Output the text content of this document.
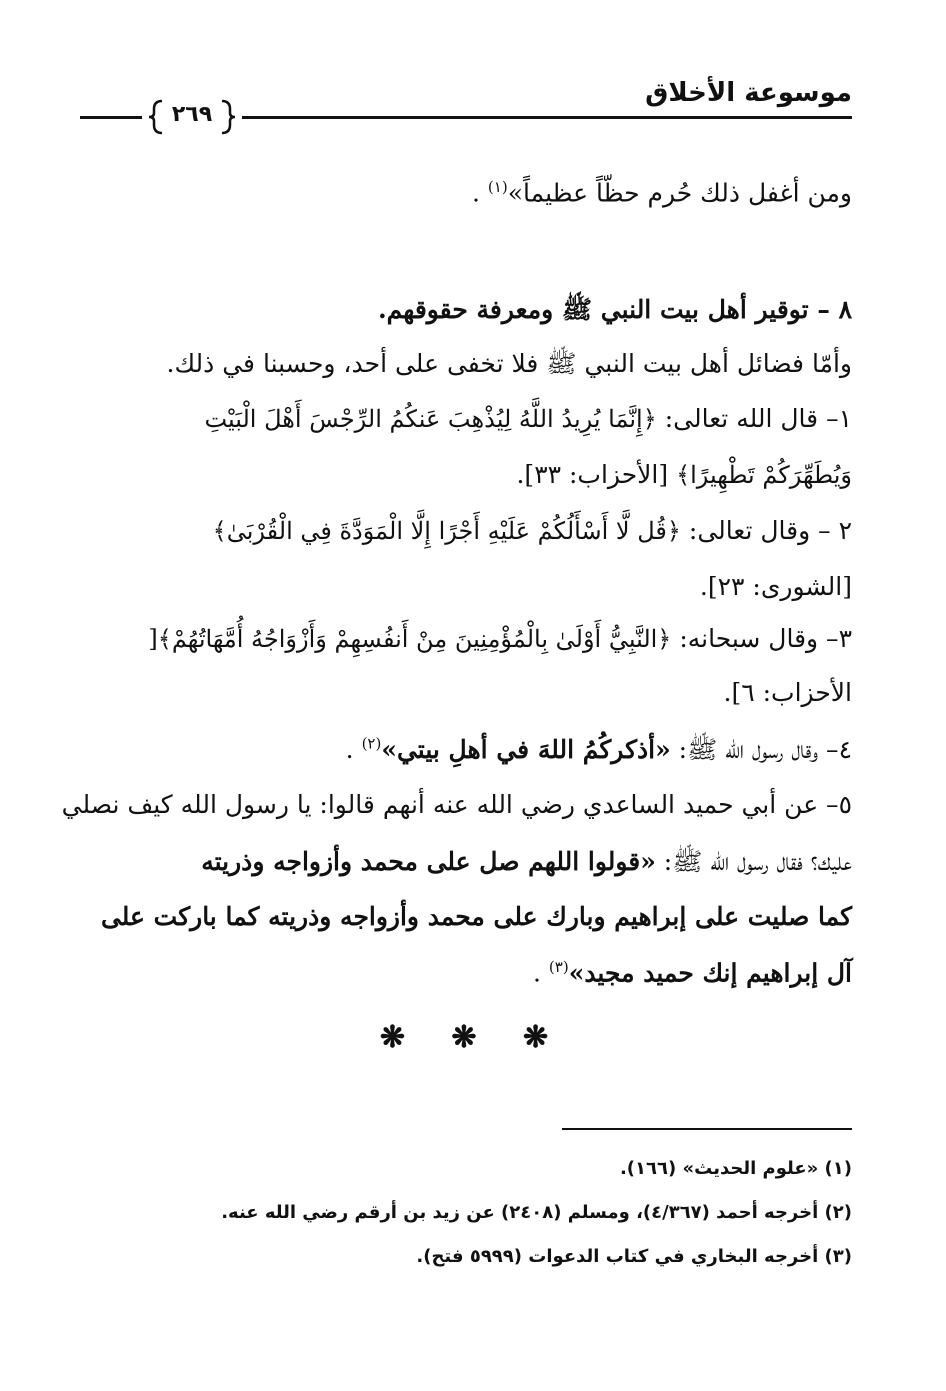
موسوعة الأخلاق
٢٦٩
ومن أغفل ذلك حُرم حظّاً عظيماً»$^{(١)}$ .
٨ – توقير أهل بيت النبي ﷺ ومعرفة حقوقهم.
وأمّا فضائل أهل بيت النبي ﷺ فلا تخفى على أحد، وحسبنا في ذلك.
١– قال الله تعالى: ﴿إِنَّمَا يُرِيدُ اللَّهُ لِيُذْهِبَ عَنكُمُ الرِّجْسَ أَهْلَ الْبَيْتِ
وَيُطَهِّرَكُمْ تَطْهِيرًا﴾ [الأحزاب: ٣٣].
٢ – وقال تعالى: ﴿قُل لَّا أَسْأَلُكُمْ عَلَيْهِ أَجْرًا إِلَّا الْمَوَدَّةَ فِي الْقُرْبَىٰ﴾
[الشورى: ٢٣].
٣– وقال سبحانه: ﴿النَّبِيُّ أَوْلَىٰ بِالْمُؤْمِنِينَ مِنْ أَنفُسِهِمْ وَأَزْوَاجُهُ أُمَّهَاتُهُمْ﴾[
الأحزاب: ٦].
٤– وقال رسول الله ﷺ: «أذكركُمُ اللهَ في أهلِ بيتي»$^{(٢)}$ .
٥– عن أبي حميد الساعدي رضي الله عنه أنهم قالوا: يا رسول الله كيف نصلي
عليك؟ فقال رسول الله ﷺ: «قولوا اللهم صل على محمد وأزواجه وذريته
كما صليت على إبراهيم وبارك على محمد وأزواجه وذريته كما باركت على
آل إبراهيم إنك حميد مجيد»$^{(٣)}$ .
❋ ❋ ❋
(١) «علوم الحديث» (١٦٦).
(٢) أخرجه أحمد (٤/٣٦٧)، ومسلم (٢٤٠٨) عن زيد بن أرقم رضي الله عنه.
(٣) أخرجه البخاري في كتاب الدعوات (٥٩٩٩ فتح).
